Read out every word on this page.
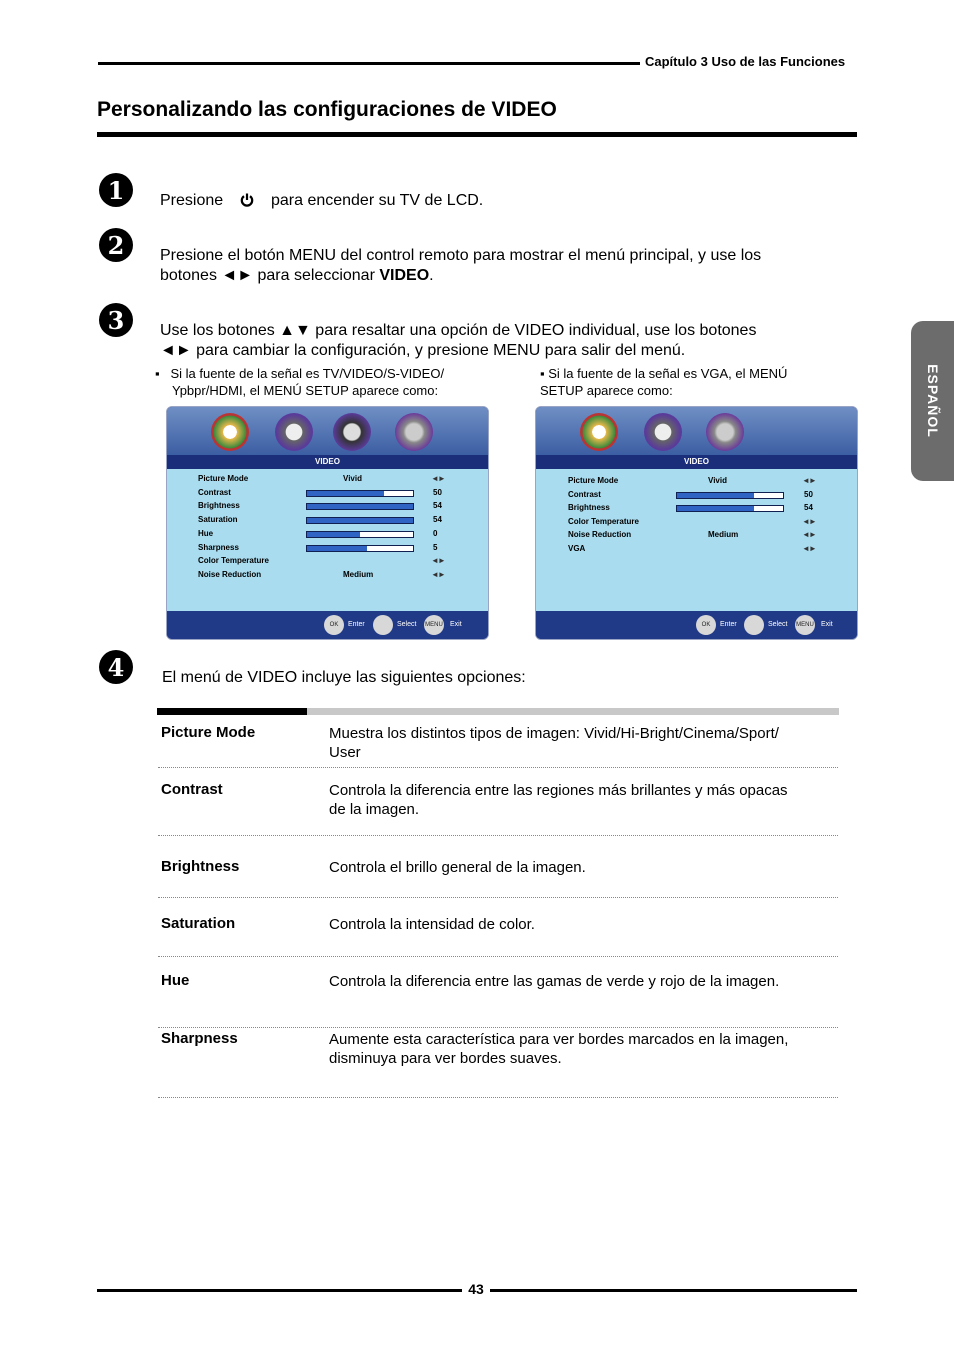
Capítulo 3 Uso de las Funciones
Personalizando las configuraciones de VIDEO
ESPAÑOL
1	Presione	para encender su TV de LCD.
2	Presione el botón MENU del control remoto para mostrar el menú principal, y use los
botones ◄► para seleccionar VIDEO.
3	Use los botones ▲▼ para resaltar una opción de VIDEO individual, use los botones
◄► para cambiar la configuración, y presione MENU para salir del menú.
▪ Si la fuente de la señal es TV/VIDEO/S-VIDEO/
Ypbpr/HDMI, el MENÚ SETUP aparece como:
▪ Si la fuente de la señal es VGA, el MENÚ
SETUP aparece como:
VIDEO
Picture Mode	Vivid	◄►
Contrast	50
Brightness	54
Saturation	54
Hue	0
Sharpness	5
Color Temperature	◄►
Noise Reduction	Medium	◄►
OK	Enter	Select MENU Exit
VIDEO
Picture Mode	Vivid	◄►
Contrast	50
Brightness	54
Color Temperature	◄►
Noise Reduction	Medium	◄►
VGA	◄►
OK	Enter	Select MENU Exit
4	El menú de VIDEO incluye las siguientes opciones:
Picture Mode	Muestra los distintos tipos de imagen: Vivid/Hi-Bright/Cinema/Sport/
User
Contrast	Controla la diferencia entre las regiones más brillantes y más opacas
de la imagen.
Brightness	Controla el brillo general de la imagen.
Saturation	Controla la intensidad de color.
Hue	Controla la diferencia entre las gamas de verde y rojo de la imagen.
Sharpness	Aumente esta característica para ver bordes marcados en la imagen,
disminuya para ver bordes suaves.
43
